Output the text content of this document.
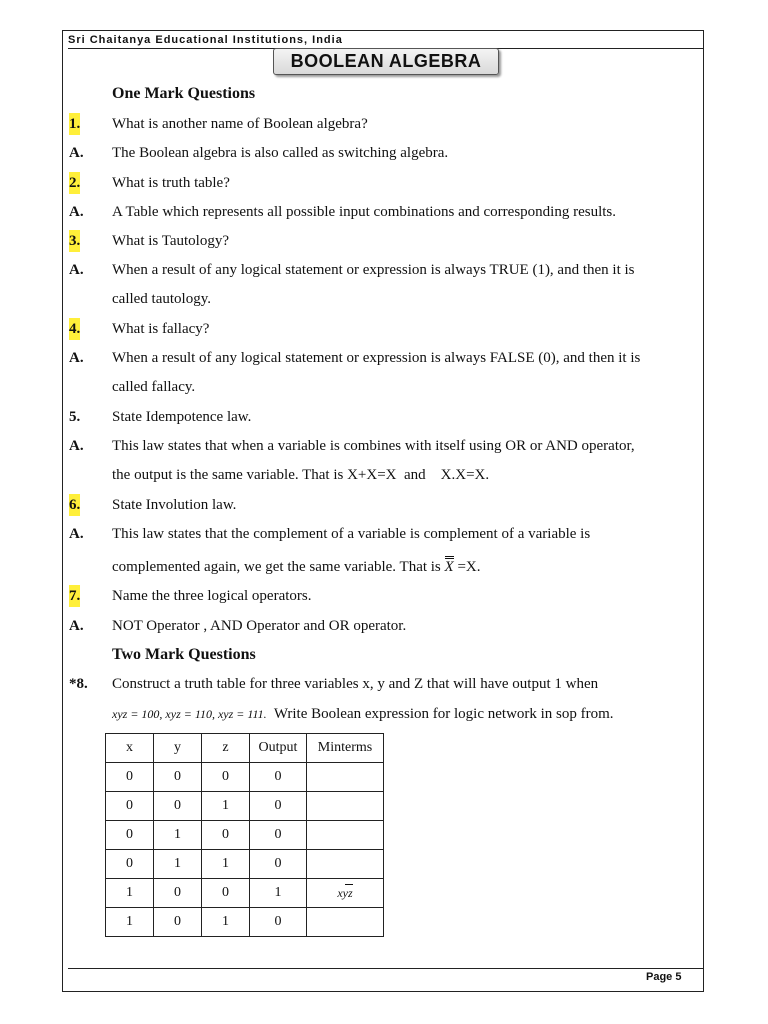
Sri Chaitanya Educational Institutions, India
BOOLEAN ALGEBRA
One Mark Questions
1. What is another name of Boolean algebra?
A. The Boolean algebra is also called as switching algebra.
2. What is truth table?
A. A Table which represents all possible input combinations and corresponding results.
3. What is Tautology?
A. When a result of any logical statement or expression is always TRUE (1), and then it is
called tautology.
4. What is fallacy?
A. When a result of any logical statement or expression is always FALSE (0), and then it is
called fallacy.
5. State Idempotence law.
A. This law states that when a variable is combines with itself using OR or AND operator,
the output is the same variable. That is X+X=X  and    X.X=X.
6. State Involution law.
A. This law states that the complement of a variable is complement of a variable is
complemented again, we get the same variable. That is X =X.
7. Name the three logical operators.
A. NOT Operator , AND Operator and OR operator.
Two Mark Questions
*8. Construct a truth table for three variables x, y and Z that will have output 1 when
xyz = 100, xyz = 110, xyz = 111.  Write Boolean expression for logic network in sop from.
x	y	z	Output	Minterms
0	0	0	0	
0	0	1	0	
0	1	0	0	
0	1	1	0	
1	0	0	1	xyz
1	0	1	0	
Page 5
